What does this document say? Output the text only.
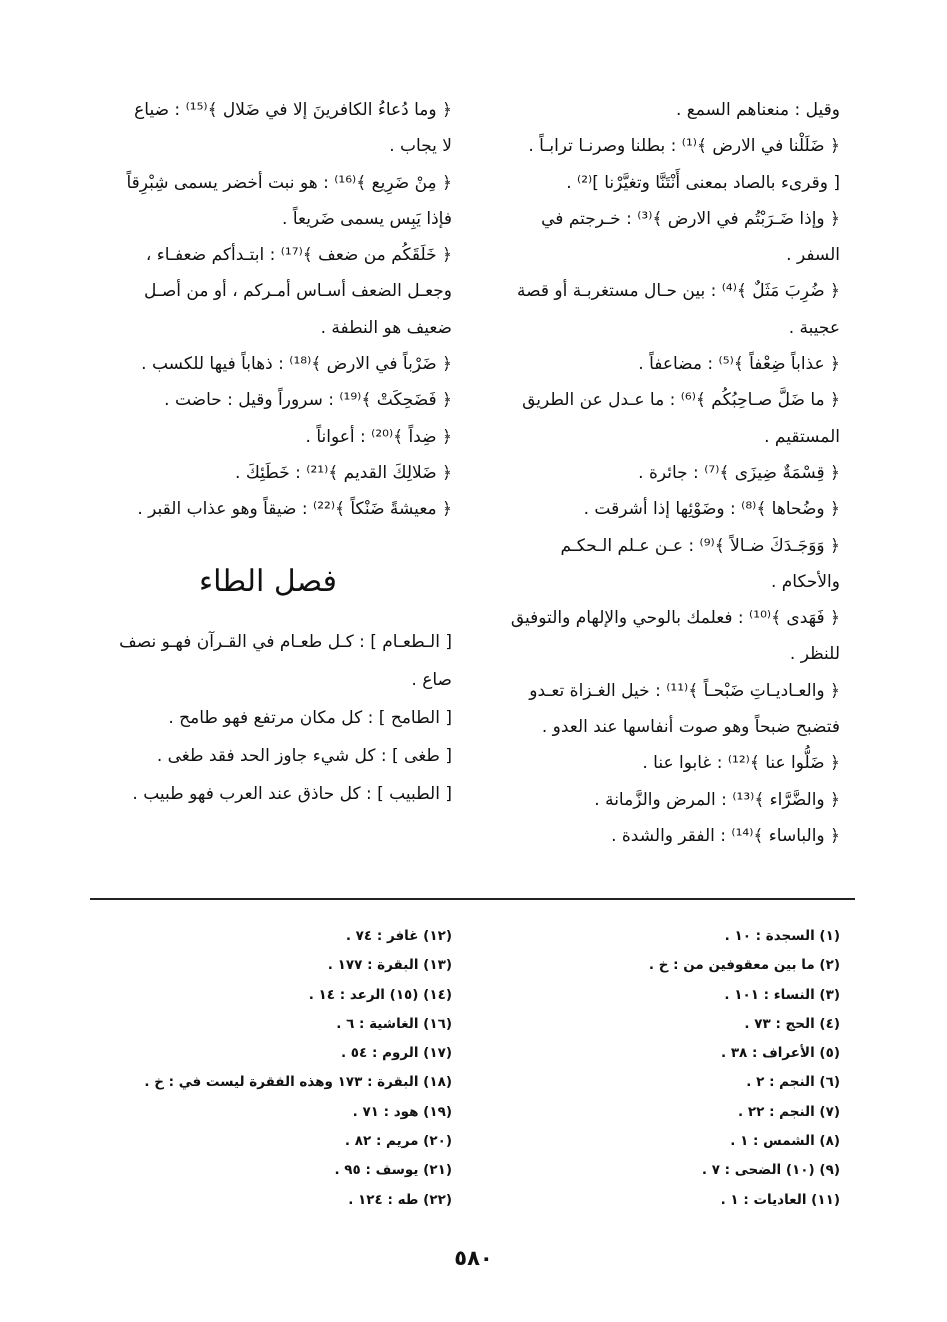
وقيل : منعناهم السمع .
﴿ ضَلَلْنا في الارض ﴾⁽¹⁾ : بطلنا وصرنـا ترابـاً .
[ وقرىء بالصاد بمعنى أَنْتَنَّا وتغيَّرْنا ]⁽²⁾ .
﴿ وإذا ضَـرَبْتُم في الارض ﴾⁽³⁾ : خـرجتم في
السفر .
﴿ ضُرِبَ مَثَلٌ ﴾⁽⁴⁾ : بين حـال مستغربـة أو قصة
عجيبة .
﴿ عذاباً ضِعْفاً ﴾⁽⁵⁾ : مضاعفاً .
﴿ ما ضَلَّ صـاحِبُكُم ﴾⁽⁶⁾ : ما عـدل عن الطريق
المستقيم .
﴿ قِسْمَةٌ ضِيزَى ﴾⁽⁷⁾ : جائرة .
﴿ وضُحاها ﴾⁽⁸⁾ : وضَوْئِها إذا أشرقت .
﴿ وَوَجَـدَكَ ضـالاً ﴾⁽⁹⁾ : عـن عـلم الـحكـم
والأحكام .
﴿ فَهَدى ﴾⁽¹⁰⁾ : فعلمك بالوحي والإلهام والتوفيق
للنظر .
﴿ والعـاديـاتِ ضَبْحـاً ﴾⁽¹¹⁾ : خيل الغـزاة تعـدو
فتضبح ضبحاً وهو صوت أنفاسها عند العدو .
﴿ ضَلُّوا عنا ﴾⁽¹²⁾ : غابوا عنا .
﴿ والضَّرَّاء ﴾⁽¹³⁾ : المرض والزَّمانة .
﴿ والباساء ﴾⁽¹⁴⁾ : الفقر والشدة .
﴿ وما دُعاءُ الكافرينَ إلا في ضَلال ﴾⁽¹⁵⁾ : ضياع
لا يجاب .
﴿ مِنْ ضَرِيع ﴾⁽¹⁶⁾ : هو نبت أخضر يسمى شِبْرِقاً
فإذا يَبِس يسمى ضَريعاً .
﴿ خَلَقَكُم من ضعف ﴾⁽¹⁷⁾ : ابتـدأكم ضعفـاء ،
وجعـل الضعف أسـاس أمـركم ، أو من أصـل
ضعيف هو النطفة .
﴿ ضَرْباً في الارض ﴾⁽¹⁸⁾ : ذهاباً فيها للكسب .
﴿ فَضَحِكَتْ ﴾⁽¹⁹⁾ : سروراً وقيل : حاضت .
﴿ ضِداً ﴾⁽²⁰⁾ : أعواناً .
﴿ ضَلالِكَ القديم ﴾⁽²¹⁾ : خَطَئِكَ .
﴿ معيشةً ضَنْكاً ﴾⁽²²⁾ : ضيقاً وهو عذاب القبر .
فصل الطاء
[ الـطعـام ] : كـل طعـام في القـرآن فهـو نصف
صاع .
[ الطامح ] : كل مكان مرتفع فهو طامح .
[ طغى ] : كل شيء جاوز الحد فقد طغى .
[ الطبيب ] : كل حاذق عند العرب فهو طبيب .
(١) السجدة : ١٠ .
(٢) ما بين معقوفين من : خ .
(٣) النساء : ١٠١ .
(٤) الحج : ٧٣ .
(٥) الأعراف : ٣٨ .
(٦) النجم : ٢ .
(٧) النجم : ٢٢ .
(٨) الشمس : ١ .
(٩) (١٠) الضحى : ٧ .
(١١) العاديات : ١ .
(١٢) غافر : ٧٤ .
(١٣) البقرة : ١٧٧ .
(١٤) (١٥) الرعد : ١٤ .
(١٦) الغاشية : ٦ .
(١٧) الروم : ٥٤ .
(١٨) البقرة : ١٧٣ وهذه الفقرة ليست في : خ .
(١٩) هود : ٧١ .
(٢٠) مريم : ٨٢ .
(٢١) يوسف : ٩٥ .
(٢٢) طه : ١٢٤ .
٥٨٠
